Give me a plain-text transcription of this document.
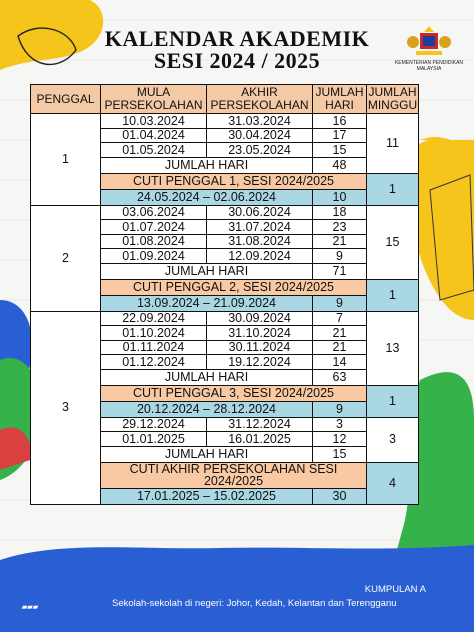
KALENDAR AKADEMIK
SESI 2024 / 2025	KEMENTERIAN PENDIDIKAN MALAYSIA
PENGGAL	MULA PERSEKOLAHAN	AKHIR PERSEKOLAHAN	JUMLAH HARI	JUMLAH MINGGU
1	10.03.2024	31.03.2024	16	11
	01.04.2024	30.04.2024	17	
	01.05.2024	23.05.2024	15	
	JUMLAH HARI		48	
	CUTI PENGGAL 1, SESI 2024/2025			1
	24.05.2024 – 02.06.2024		10	
2	03.06.2024	30.06.2024	18	15
	01.07.2024	31.07.2024	23	
	01.08.2024	31.08.2024	21	
	01.09.2024	12.09.2024	9	
	JUMLAH HARI		71	
	CUTI PENGGAL 2, SESI 2024/2025			1
	13.09.2024 – 21.09.2024		9	
3	22.09.2024	30.09.2024	7	13
	01.10.2024	31.10.2024	21	
	01.11.2024	30.11.2024	21	
	01.12.2024	19.12.2024	14	
	JUMLAH HARI		63	
	CUTI PENGGAL 3, SESI 2024/2025			1
	20.12.2024 – 28.12.2024		9	
	29.12.2024	31.12.2024	3	3
	01.01.2025	16.01.2025	12	
	JUMLAH HARI		15	
	CUTI AKHIR PERSEKOLAHAN SESI 2024/2025			4
	17.01.2025 – 15.02.2025		30	
▰▰▰
KUMPULAN A
Sekolah-sekolah di negeri: Johor, Kedah, Kelantan dan Terengganu
